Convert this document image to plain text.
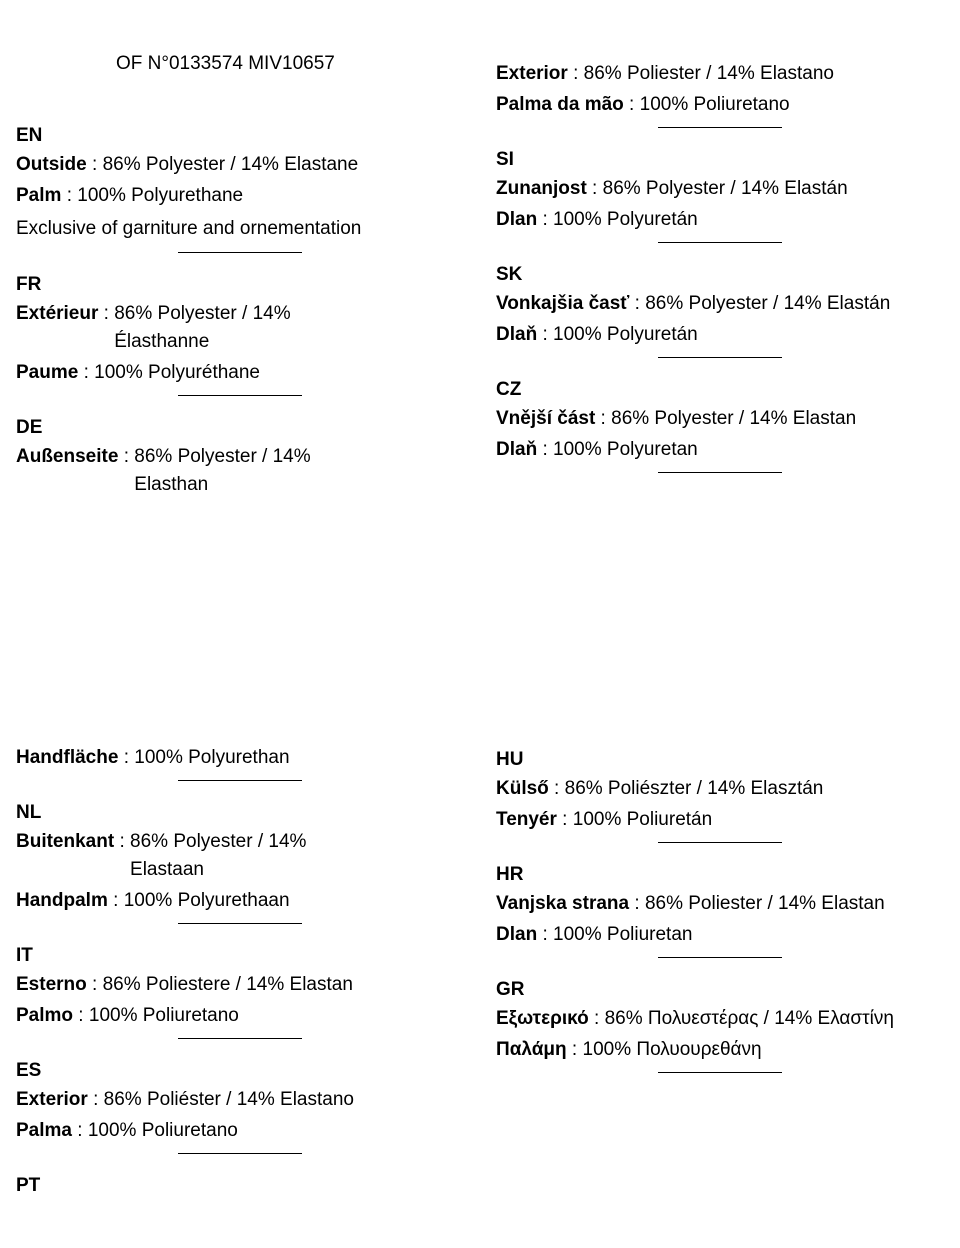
OF N°0133574 MIV10657
EN
Outside : 86% Polyester / 14% Elastane
Palm : 100% Polyurethane
Exclusive of garniture and ornementation
FR
Extérieur : 86% Polyester / 14% Élasthanne
Paume : 100% Polyuréthane
DE
Außenseite : 86% Polyester / 14% Elasthan
Exterior : 86% Poliester / 14% Elastano
Palma da mão : 100% Poliuretano
SI
Zunanjost : 86% Polyester / 14% Elastán
Dlan : 100% Polyuretán
SK
Vonkajšia časť : 86% Polyester / 14% Elastán
Dlaň : 100% Polyuretán
CZ
Vnější část : 86% Polyester / 14% Elastan
Dlaň : 100% Polyuretan
Handfläche : 100% Polyurethan
NL
Buitenkant : 86% Polyester / 14% Elastaan
Handpalm : 100% Polyurethaan
IT
Esterno : 86% Poliestere / 14% Elastan
Palmo : 100% Poliuretano
ES
Exterior : 86% Poliéster / 14% Elastano
Palma : 100% Poliuretano
PT
HU
Külső : 86% Poliészter / 14% Elasztán
Tenyér : 100% Poliuretán
HR
Vanjska strana : 86% Poliester / 14% Elastan
Dlan : 100% Poliuretan
GR
Εξωτερικό : 86% Πολυεστέρας / 14% Ελαστίνη
Παλάμη : 100% Πολυουρεθάνη
